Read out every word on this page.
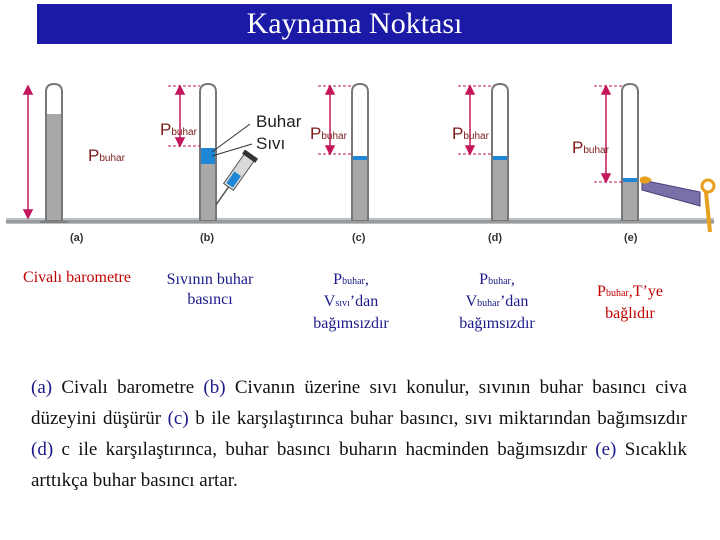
Kaynama Noktası
Pbuhar
Pbuhar	Pbuhar	Pbuhar
Pbuhar
Buhar
Sıvı
(a)	(b)	(c)	(d)	(e)
Civalı barometre	Sıvının buhar basıncı
Pbuhar,
Vsıvı’dan
bağımsızdır
Pbuhar,
Vbuhar’dan
bağımsızdır
Pbuhar,T’ye
bağlıdır
(a) Civalı barometre (b) Civanın üzerine sıvı konulur, sıvının buhar basıncı civa düzeyini düşürür (c) b ile karşılaştırınca buhar basıncı, sıvı miktarından bağımsızdır (d) c ile karşılaştırınca, buhar basıncı buharın hacminden bağımsızdır (e) Sıcaklık arttıkça buhar basıncı artar.
